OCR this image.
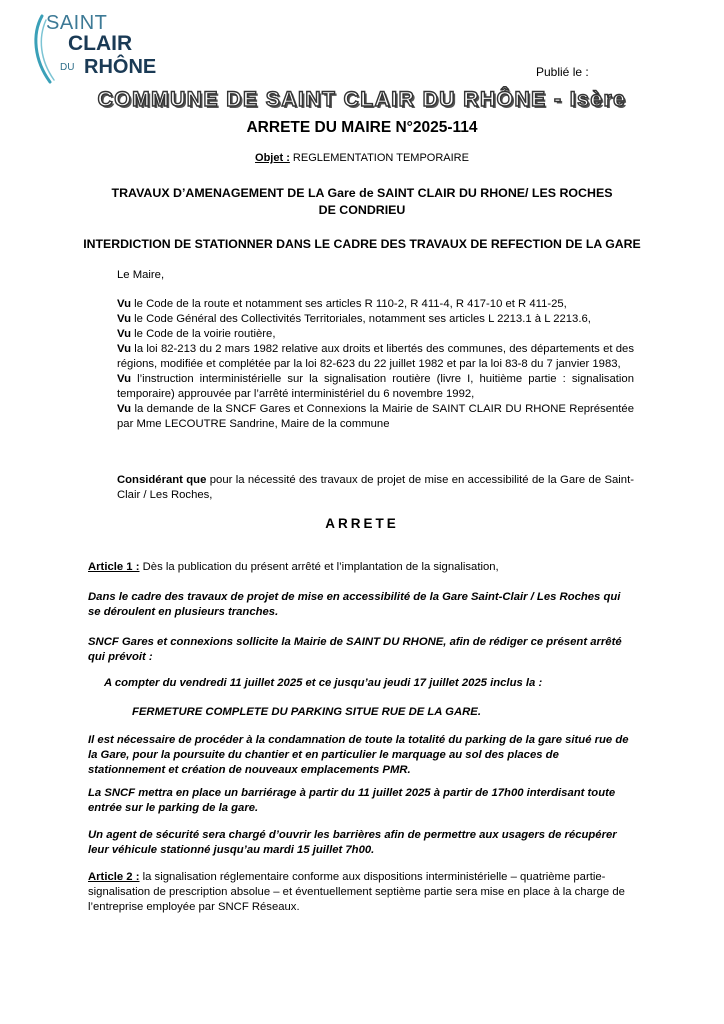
SAINT
CLAIR
DU RHÔNE	Publié le :
COMMUNE DE SAINT CLAIR DU RHÔNE - Isère
ARRETE DU MAIRE N°2025-114
Objet : REGLEMENTATION TEMPORAIRE
TRAVAUX D’AMENAGEMENT DE LA Gare de SAINT CLAIR DU RHONE/ LES ROCHES DE CONDRIEU
INTERDICTION DE STATIONNER DANS LE CADRE DES TRAVAUX DE REFECTION DE LA GARE
Le Maire,

Vu le Code de la route et notamment ses articles R 110-2, R 411-4, R 417-10 et R 411-25,

Vu le Code Général des Collectivités Territoriales, notamment ses articles L 2213.1 à L 2213.6,

Vu le Code de la voirie routière,

Vu la loi 82-213 du 2 mars 1982 relative aux droits et libertés des communes, des départements et des régions, modifiée et complétée par la loi 82-623 du 22 juillet 1982 et par la loi 83-8 du 7 janvier 1983,

Vu l’instruction interministérielle sur la signalisation routière (livre I, huitième partie : signalisation temporaire) approuvée par l’arrêté interministériel du 6 novembre 1992,

Vu la demande de la SNCF Gares et Connexions la Mairie de SAINT CLAIR DU RHONE Représentée par Mme LECOUTRE Sandrine, Maire de la commune

Considérant que pour la nécessité des travaux de projet de mise en accessibilité de la Gare de Saint-Clair / Les Roches,

ARRETE

Article 1 : Dès la publication du présent arrêté et l’implantation de la signalisation,

Dans le cadre des travaux de projet de mise en accessibilité de la Gare Saint-Clair / Les Roches qui se déroulent en plusieurs tranches.

SNCF Gares et connexions sollicite la Mairie de SAINT DU RHONE, afin de rédiger ce présent arrêté qui prévoit :

A compter du vendredi 11 juillet 2025 et ce jusqu’au jeudi 17 juillet 2025 inclus la :

FERMETURE COMPLETE DU PARKING SITUE RUE DE LA GARE.

Il est nécessaire de procéder à la condamnation de toute la totalité du parking de la gare situé rue de la Gare, pour la poursuite du chantier et en particulier le marquage au sol des places de stationnement et création de nouveaux emplacements PMR.

La SNCF mettra en place un barriérage à partir du 11 juillet 2025 à partir de 17h00 interdisant toute entrée sur le parking de la gare.

Un agent de sécurité sera chargé d’ouvrir les barrières afin de permettre aux usagers de récupérer leur véhicule stationné jusqu’au mardi 15 juillet 7h00.

Article 2 : la signalisation réglementaire conforme aux dispositions interministérielle – quatrième partie-signalisation de prescription absolue – et éventuellement septième partie sera mise en place à la charge de l’entreprise employée par SNCF Réseaux.
